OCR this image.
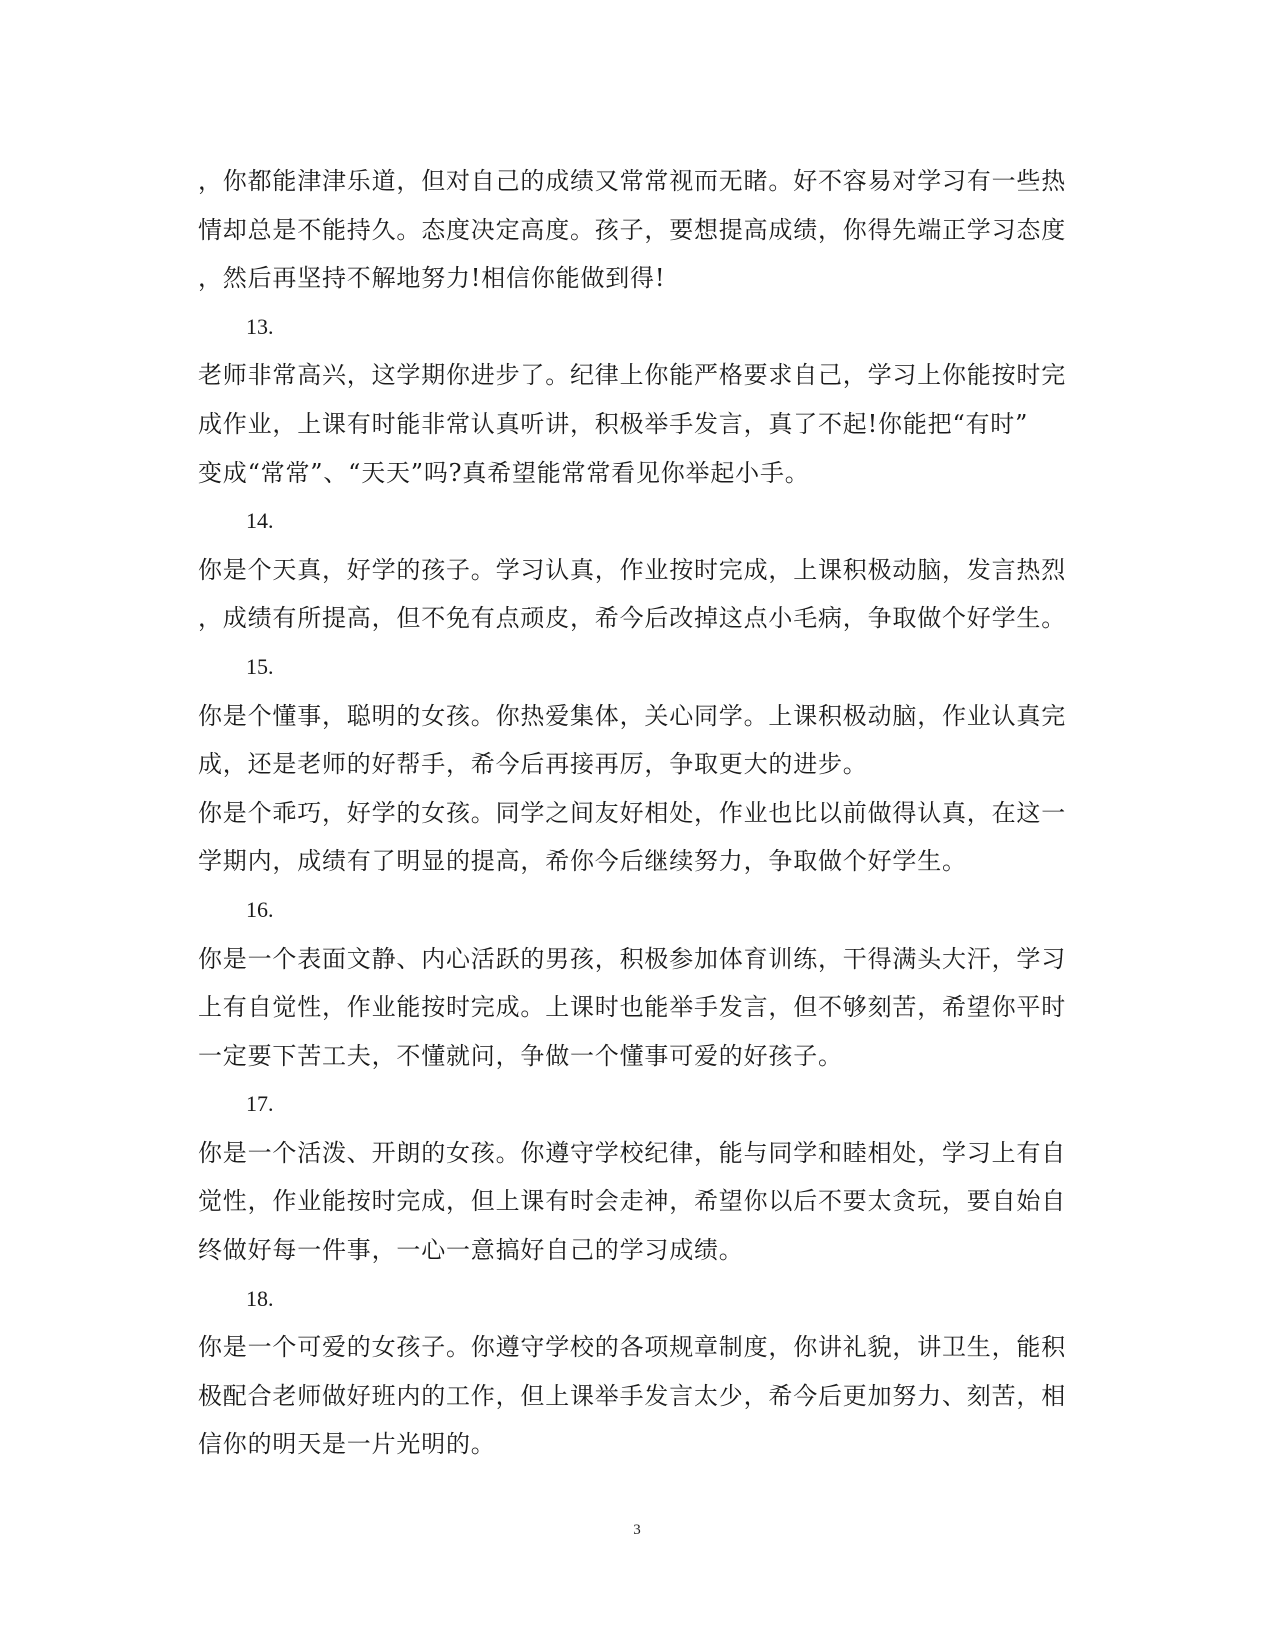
，你都能津津乐道，但对自己的成绩又常常视而无睹。好不容易对学习有一些热
情却总是不能持久。态度决定高度。孩子，要想提高成绩，你得先端正学习态度
，然后再坚持不解地努力!相信你能做到得!
13.
老师非常高兴，这学期你进步了。纪律上你能严格要求自己，学习上你能按时完
成作业，上课有时能非常认真听讲，积极举手发言，真了不起!你能把“有时”
变成“常常”、“天天”吗?真希望能常常看见你举起小手。
14.
你是个天真，好学的孩子。学习认真，作业按时完成，上课积极动脑，发言热烈
，成绩有所提高，但不免有点顽皮，希今后改掉这点小毛病，争取做个好学生。
15.
你是个懂事，聪明的女孩。你热爱集体，关心同学。上课积极动脑，作业认真完
成，还是老师的好帮手，希今后再接再厉，争取更大的进步。
你是个乖巧，好学的女孩。同学之间友好相处，作业也比以前做得认真，在这一
学期内，成绩有了明显的提高，希你今后继续努力，争取做个好学生。
16.
你是一个表面文静、内心活跃的男孩，积极参加体育训练，干得满头大汗，学习
上有自觉性，作业能按时完成。上课时也能举手发言，但不够刻苦，希望你平时
一定要下苦工夫，不懂就问，争做一个懂事可爱的好孩子。
17.
你是一个活泼、开朗的女孩。你遵守学校纪律，能与同学和睦相处，学习上有自
觉性，作业能按时完成，但上课有时会走神，希望你以后不要太贪玩，要自始自
终做好每一件事，一心一意搞好自己的学习成绩。
18.
你是一个可爱的女孩子。你遵守学校的各项规章制度，你讲礼貌，讲卫生，能积
极配合老师做好班内的工作，但上课举手发言太少，希今后更加努力、刻苦，相
信你的明天是一片光明的。
3
